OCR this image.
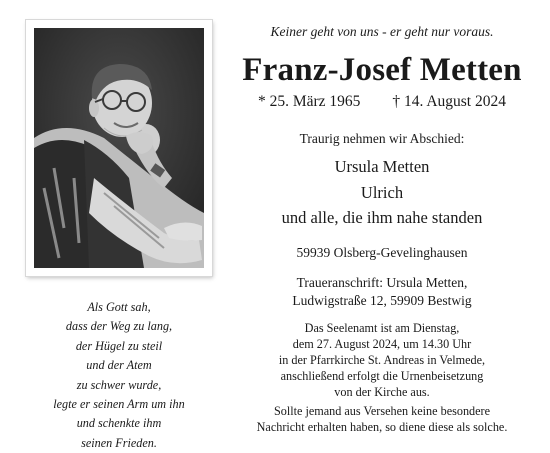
Als Gott sah,
dass der Weg zu lang,
der Hügel zu steil
und der Atem
zu schwer wurde,
legte er seinen Arm um ihn
und schenkte ihm
seinen Frieden.
Keiner geht von uns - er geht nur voraus.
Franz-Josef Metten
* 25. März 1965 † 14. August 2024
Traurig nehmen wir Abschied:
Ursula Metten
Ulrich
und alle, die ihm nahe standen
59939 Olsberg-Gevelinghausen
Traueranschrift: Ursula Metten,
Ludwigstraße 12, 59909 Bestwig
Das Seelenamt ist am Dienstag,
dem 27. August 2024, um 14.30 Uhr
in der Pfarrkirche St. Andreas in Velmede,
anschließend erfolgt die Urnenbeisetzung
von der Kirche aus.
Sollte jemand aus Versehen keine besondere
Nachricht erhalten haben, so diene diese als solche.
